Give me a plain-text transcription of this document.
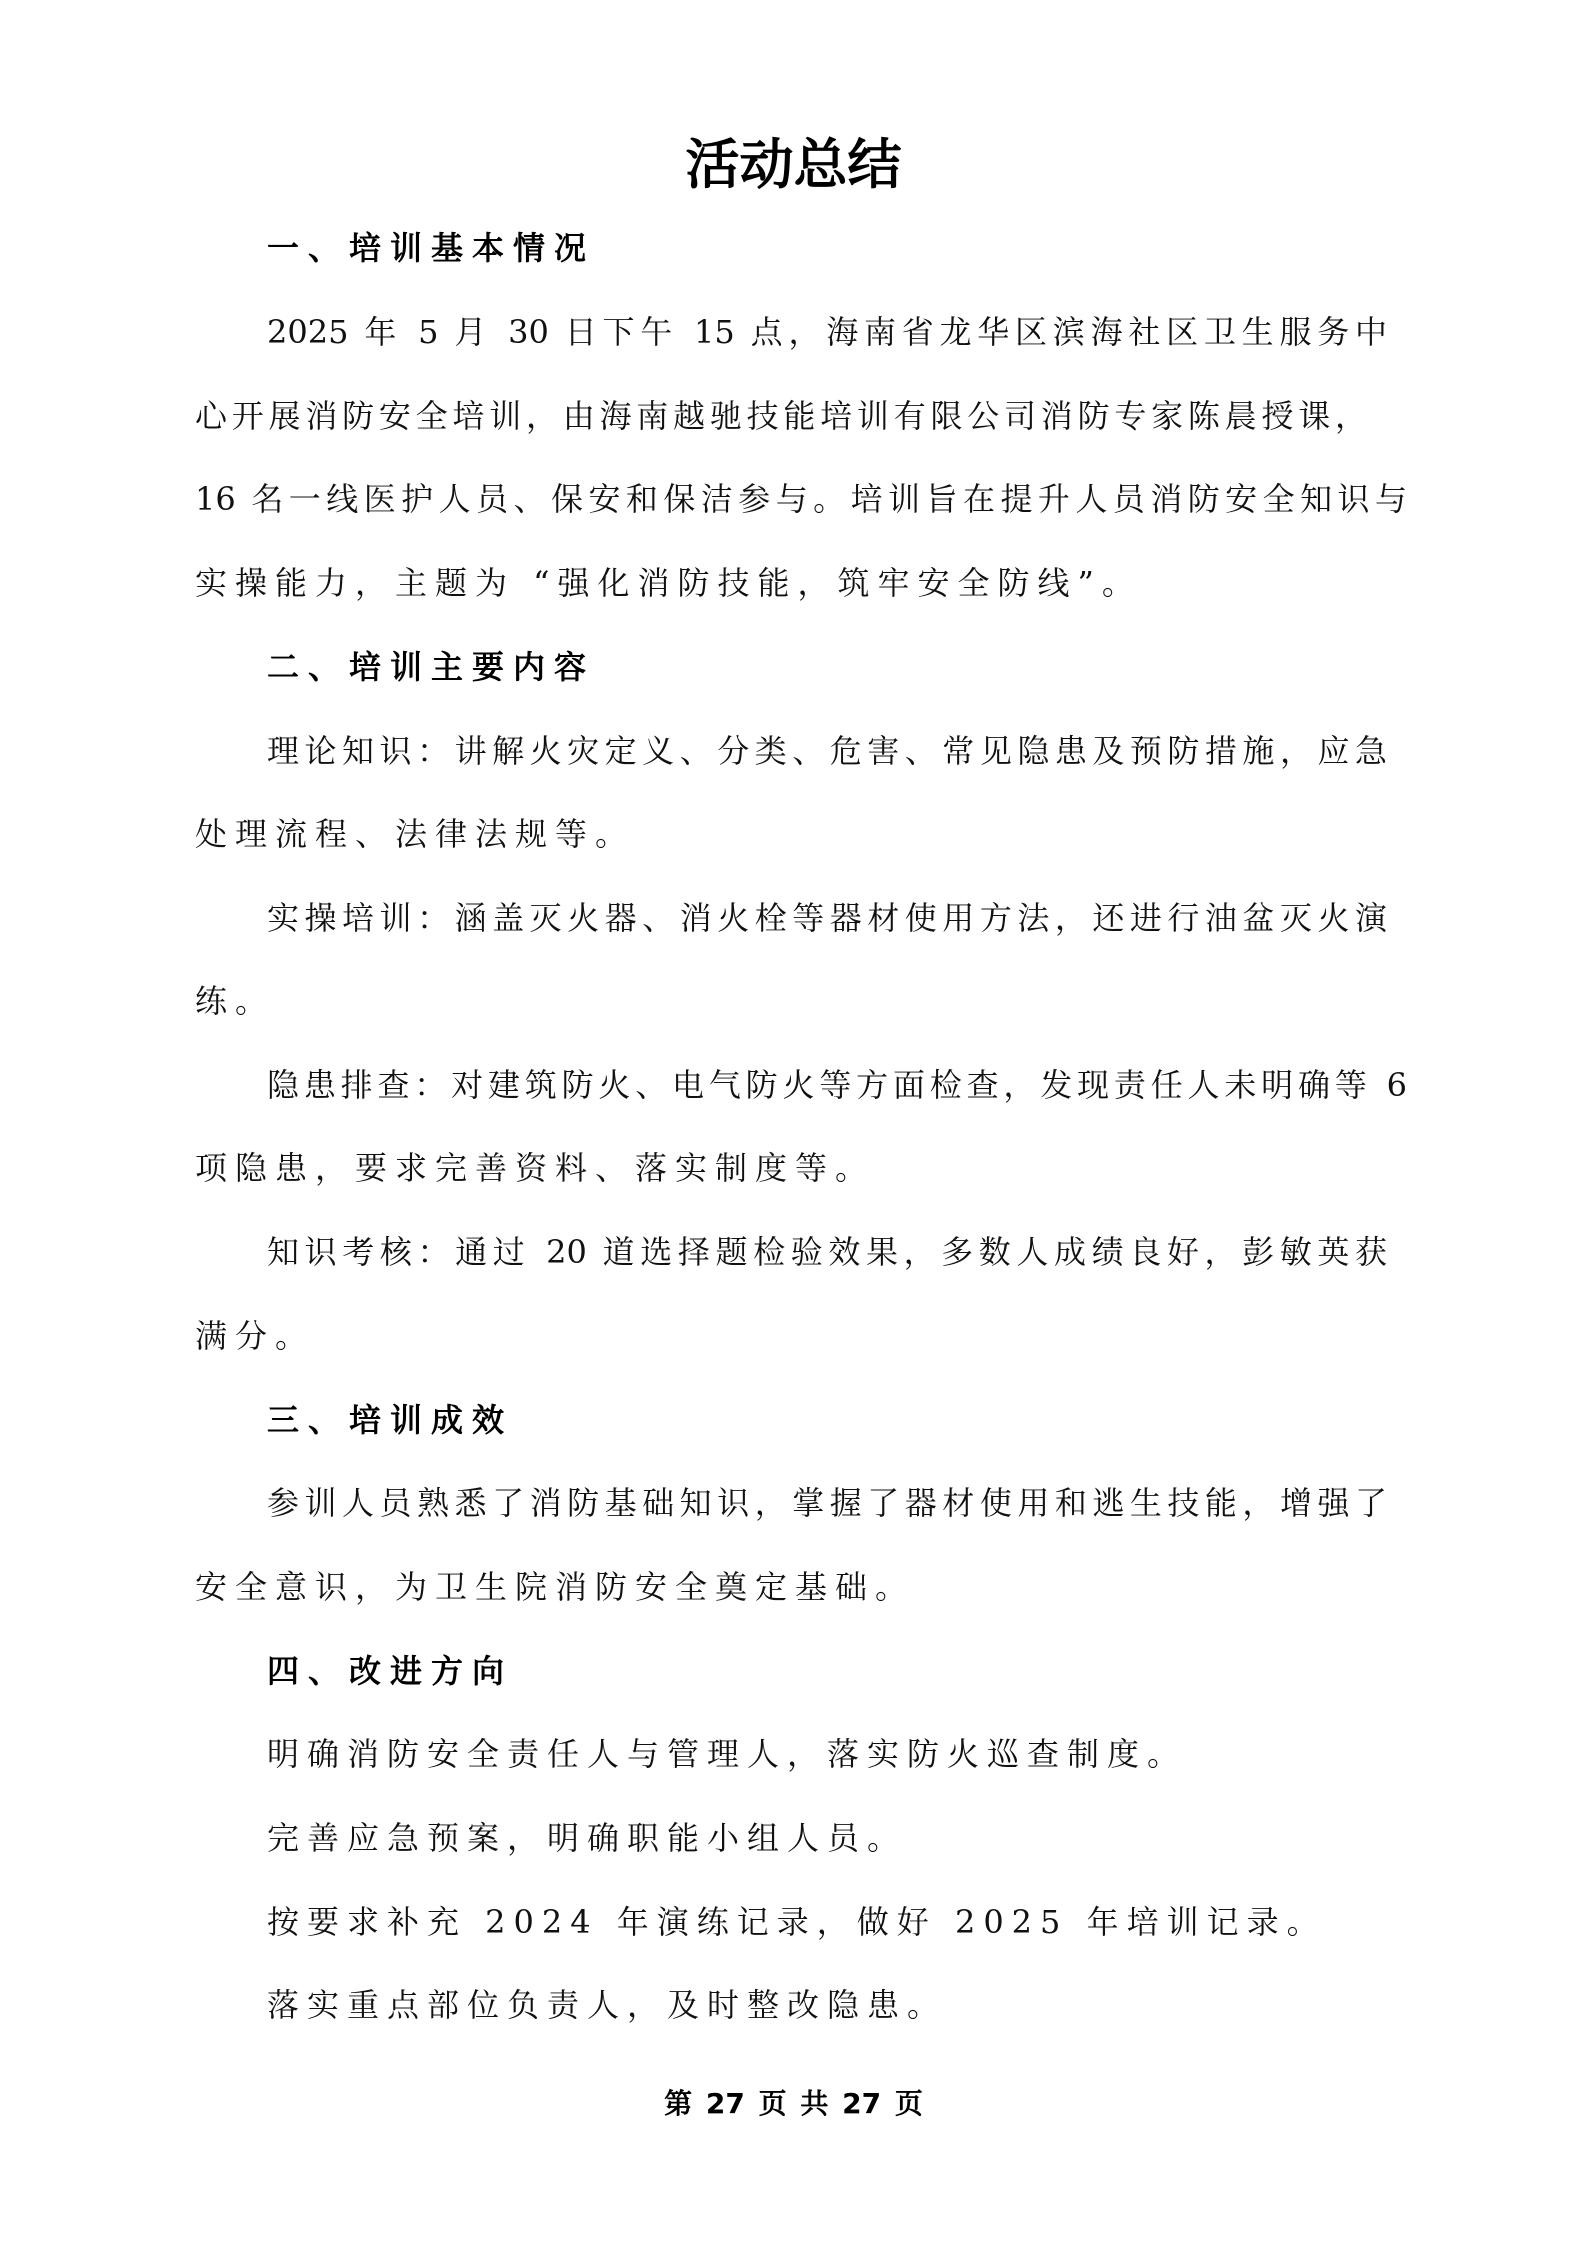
活动总结
一、培训基本情况
2025 年 5 月 30 日下午 15 点，海南省龙华区滨海社区卫生服务中
心开展消防安全培训，由海南越驰技能培训有限公司消防专家陈晨授课，
16 名一线医护人员、保安和保洁参与。培训旨在提升人员消防安全知识与
实操能力，主题为 “强化消防技能，筑牢安全防线”。
二、培训主要内容
理论知识：讲解火灾定义、分类、危害、常见隐患及预防措施，应急
处理流程、法律法规等。
实操培训：涵盖灭火器、消火栓等器材使用方法，还进行油盆灭火演
练。
隐患排查：对建筑防火、电气防火等方面检查，发现责任人未明确等 6
项隐患，要求完善资料、落实制度等。
知识考核：通过 20 道选择题检验效果，多数人成绩良好，彭敏英获
满分。
三、培训成效
参训人员熟悉了消防基础知识，掌握了器材使用和逃生技能，增强了
安全意识，为卫生院消防安全奠定基础。
四、改进方向
明确消防安全责任人与管理人，落实防火巡查制度。
完善应急预案，明确职能小组人员。
按要求补充 2024 年演练记录，做好 2025 年培训记录。
落实重点部位负责人，及时整改隐患。
第 27 页 共 27 页
